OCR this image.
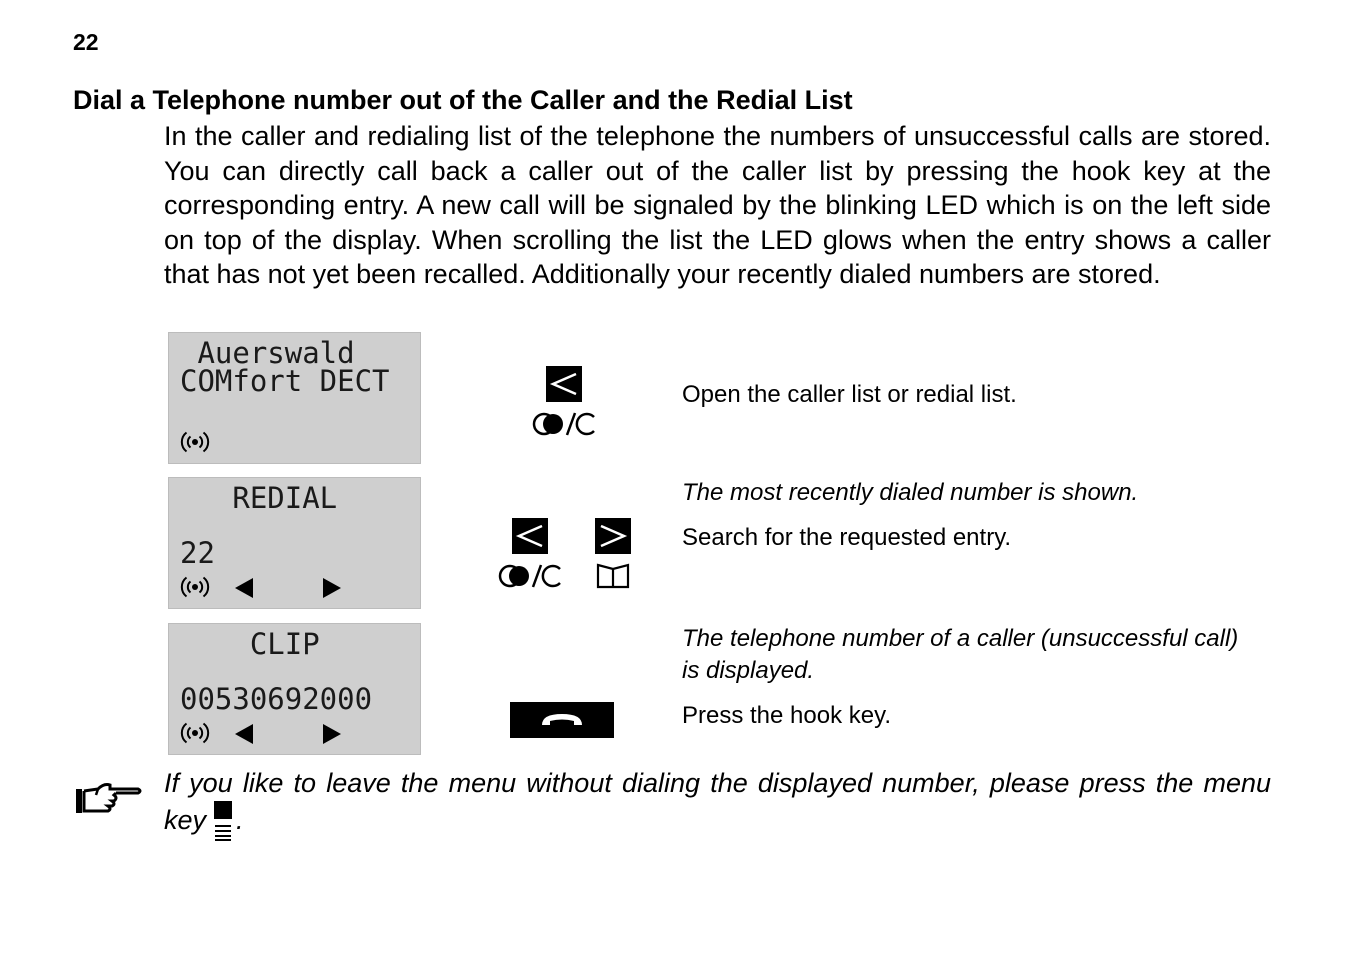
22
Dial a Telephone number out of the Caller and the Redial List

In the caller and redialing list of the telephone the numbers of unsuccessful calls are stored. You can directly call back a caller out of the caller list by pressing the hook key at the corresponding entry. A new call will be signaled by the blinking LED which is on the left side on top of the display. When scrolling the list the LED glows when the entry shows a caller that has not yet been recalled. Additionally your recently dialed numbers are stored.

Auerswald
COMfort DECT
REDIAL
22
CLIP
00530692000

Open the caller list or redial list.

The most recently dialed number is shown.

Search for the requested entry.

The telephone number of a caller (unsuccessful call)

is displayed.

Press the hook key.

If you like to leave the menu without dialing the displayed number, please press the menu key .
